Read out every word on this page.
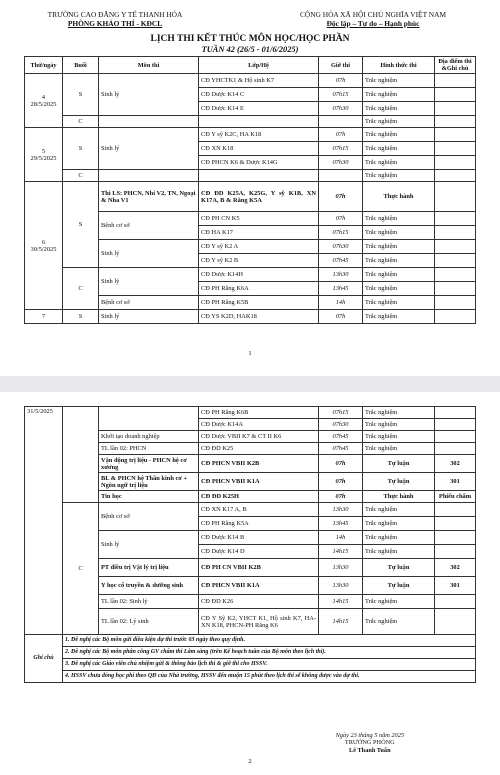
TRƯỜNG CAO ĐẲNG Y TẾ THANH HÓA
PHÒNG KHẢO THÍ - KĐCL
CỘNG HÒA XÃ HỘI CHỦ NGHĨA VIỆT NAM
Độc lập – Tự do – Hạnh phúc
LỊCH THI KẾT THÚC MÔN HỌC/HỌC PHẦN
TUẦN 42 (26/5 - 01/6/2025)
Thứ/ngày	Buổi	Môn thi	Lớp/Hệ	Giờ thi	Hình thức thi	Địa điểm thi &Ghi chú
4
28/5/2025	S	Sinh lý	CĐ YHCTK1 & Hộ sinh K7	07h	Trắc nghiệm	
			CĐ Dược K14 C	07h15	Trắc nghiệm	
			CĐ Dược K14 E	07h30	Trắc nghiệm	
	C				Trắc nghiệm	
5
29/5/2025	S	Sinh lý	CĐ Y sỹ K2C, HA K18	07h	Trắc nghiệm	
			CĐ XN K18	07h15	Trắc nghiệm	
			CĐ PHCN K6 & Dược K14G	07h30	Trắc nghiệm	
	C				Trắc nghiệm	
6
30/5/2025	S	Thi LS: PHCN, Nhi V2, TN, Ngoại & Nha V1	CĐ ĐD K25A, K25G, Y sỹ K1B, XN K17A, B & Răng K5A	07h	Thực hành	
		Bệnh cơ sở	CĐ PH CN K5	07h	Trắc nghiệm	
			CĐ HA K17	07h15	Trắc nghiệm	
		Sinh lý	CĐ Y sỹ K2 A	07h30	Trắc nghiệm	
			CĐ Y sỹ K2 B	07h45	Trắc nghiệm	
	C	Sinh lý	CĐ Dược K14H	13h30	Trắc nghiệm	
			CĐ PH Răng K6A	13h45	Trắc nghiệm	
		Bệnh cơ sở	CĐ PH Răng K5B	14h	Trắc nghiệm	
7	S	Sinh lý	CĐ YS K2D, HAK18	07h	Trắc nghiệm	
1
31/5/2025			CĐ PH Răng K6B	07h15	Trắc nghiệm	
			CĐ Dược K14A	07h30	Trắc nghiệm	
		Khởi tạo doanh nghiệp	CĐ Dược VBII K7 & CT II K6	07h45	Trắc nghiệm	
		TL lần 02: PHCN	CĐ ĐD K25	07h45	Trắc nghiệm	
		Vận động trị liệu - PHCN hệ cơ xương	CĐ PHCN VBII K2B	07h	Tự luận	302
		BL & PHCN hệ Thần kinh cơ + Ngôn ngữ trị liệu	CĐ PHCN VBII K1A	07h	Tự luận	301
		Tin học	CĐ ĐD K25H	07h	Thực hành	Phiếu chấm
	C	Bệnh cơ sở	CĐ XN K17 A, B	13h30	Trắc nghiệm	
			CĐ PH Răng K5A	13h45	Trắc nghiệm	
		Sinh lý	CĐ Dược K14 B	14h	Trắc nghiệm	
			CĐ Dược K14 D	14h15	Trắc nghiệm	
		PT điều trị Vật lý trị liệu	CĐ PH CN VBII K2B	13h30	Tự luận	302
		Y học cổ truyền & dưỡng sinh	CĐ PHCN VBII K1A	13h30	Tự luận	301
		TL lần 02: Sinh lý	CĐ ĐD K26	14h15	Trắc nghiệm	
		TL lần 02: Lý sinh	CĐ Y Sỹ K2, YHCT K1, Hộ sinh K7, HA-XN K18, PHCN-PH Răng K6	14h15	Trắc nghiệm	
Ghi chú	1. Đề nghị các Bộ môn gửi điều kiện dự thi trước 03 ngày theo quy định.					
	2. Đề nghị các Bộ môn phân công GV chấm thi Lâm sàng (trên Kế hoạch tuần của Bộ môn theo lịch thi).					
	3. Đề nghị các Giáo viên chủ nhiệm gửi & thông báo lịch thi & giờ thi cho HSSV.					
	4. HSSV chưa đóng học phí theo QĐ của Nhà trường, HSSV đến muộn 15 phút theo lịch thi sẽ không được vào dự thi.					
Ngày 23 tháng 5 năm 2025
TRƯỞNG PHÒNG
Lê Thanh Tuấn
2
